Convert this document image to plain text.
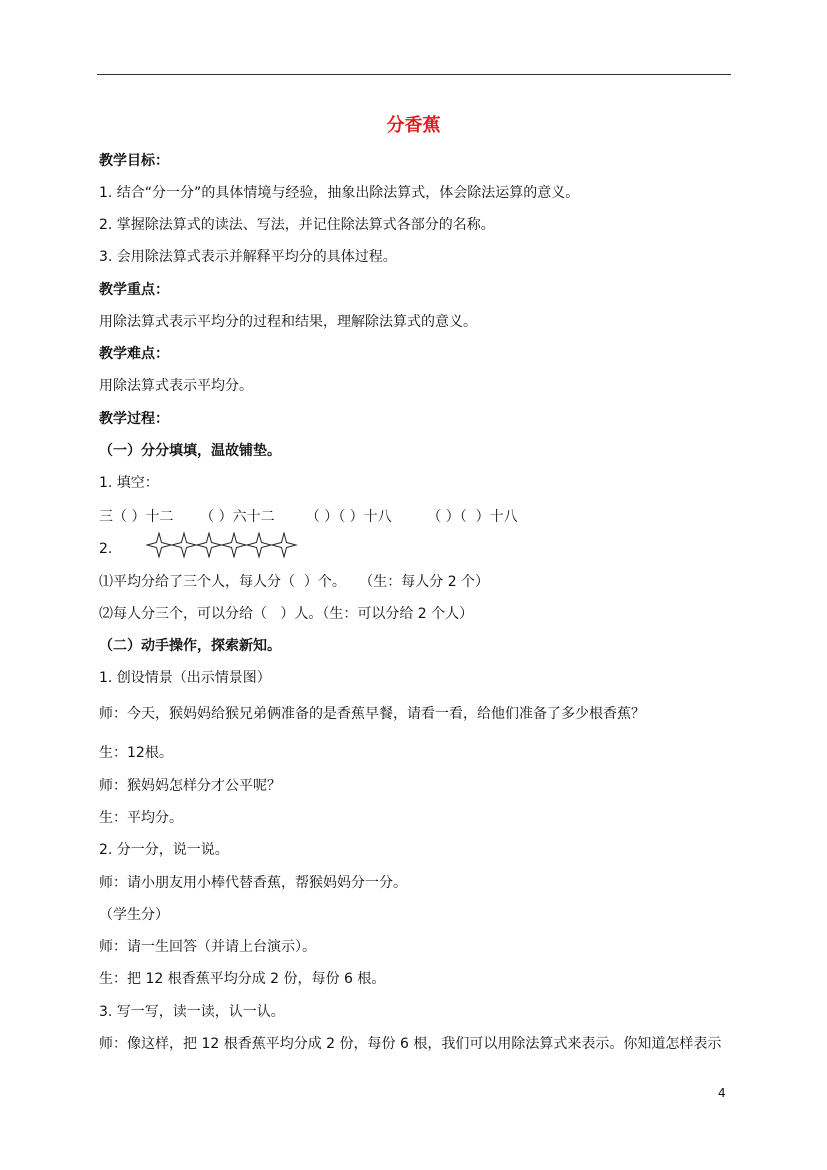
分香蕉
教学目标：
1. 结合“分一分”的具体情境与经验，抽象出除法算式，体会除法运算的意义。
2. 掌握除法算式的读法、写法，并记住除法算式各部分的名称。
3. 会用除法算式表示并解释平均分的具体过程。
教学重点：
用除法算式表示平均分的过程和结果，理解除法算式的意义。
教学难点：
用除法算式表示平均分。
教学过程：
（一）分分填填，温故铺垫。
1. 填空：
三（ ）十二      （ ）六十二       （ ）（ ）十八        （ ）（  ）十八
2.
⑴平均分给了三个人，每人分（  ）个。   （生：每人分 2 个）
⑵每人分三个，可以分给（   ）人。（生：可以分给 2 个人）
（二）动手操作，探索新知。
1. 创设情景（出示情景图）
师：今天，猴妈妈给猴兄弟俩准备的是香蕉早餐，请看一看，给他们准备了多少根香蕉？
生：12根。
师：猴妈妈怎样分才公平呢？
生：平均分。
2. 分一分，说一说。
师：请小朋友用小棒代替香蕉，帮猴妈妈分一分。
（学生分）
师：请一生回答（并请上台演示）。
生：把 12 根香蕉平均分成 2 份，每份 6 根。
3. 写一写，读一读，认一认。
师：像这样，把 12 根香蕉平均分成 2 份，每份 6 根，我们可以用除法算式来表示。你知道怎样表示
4
